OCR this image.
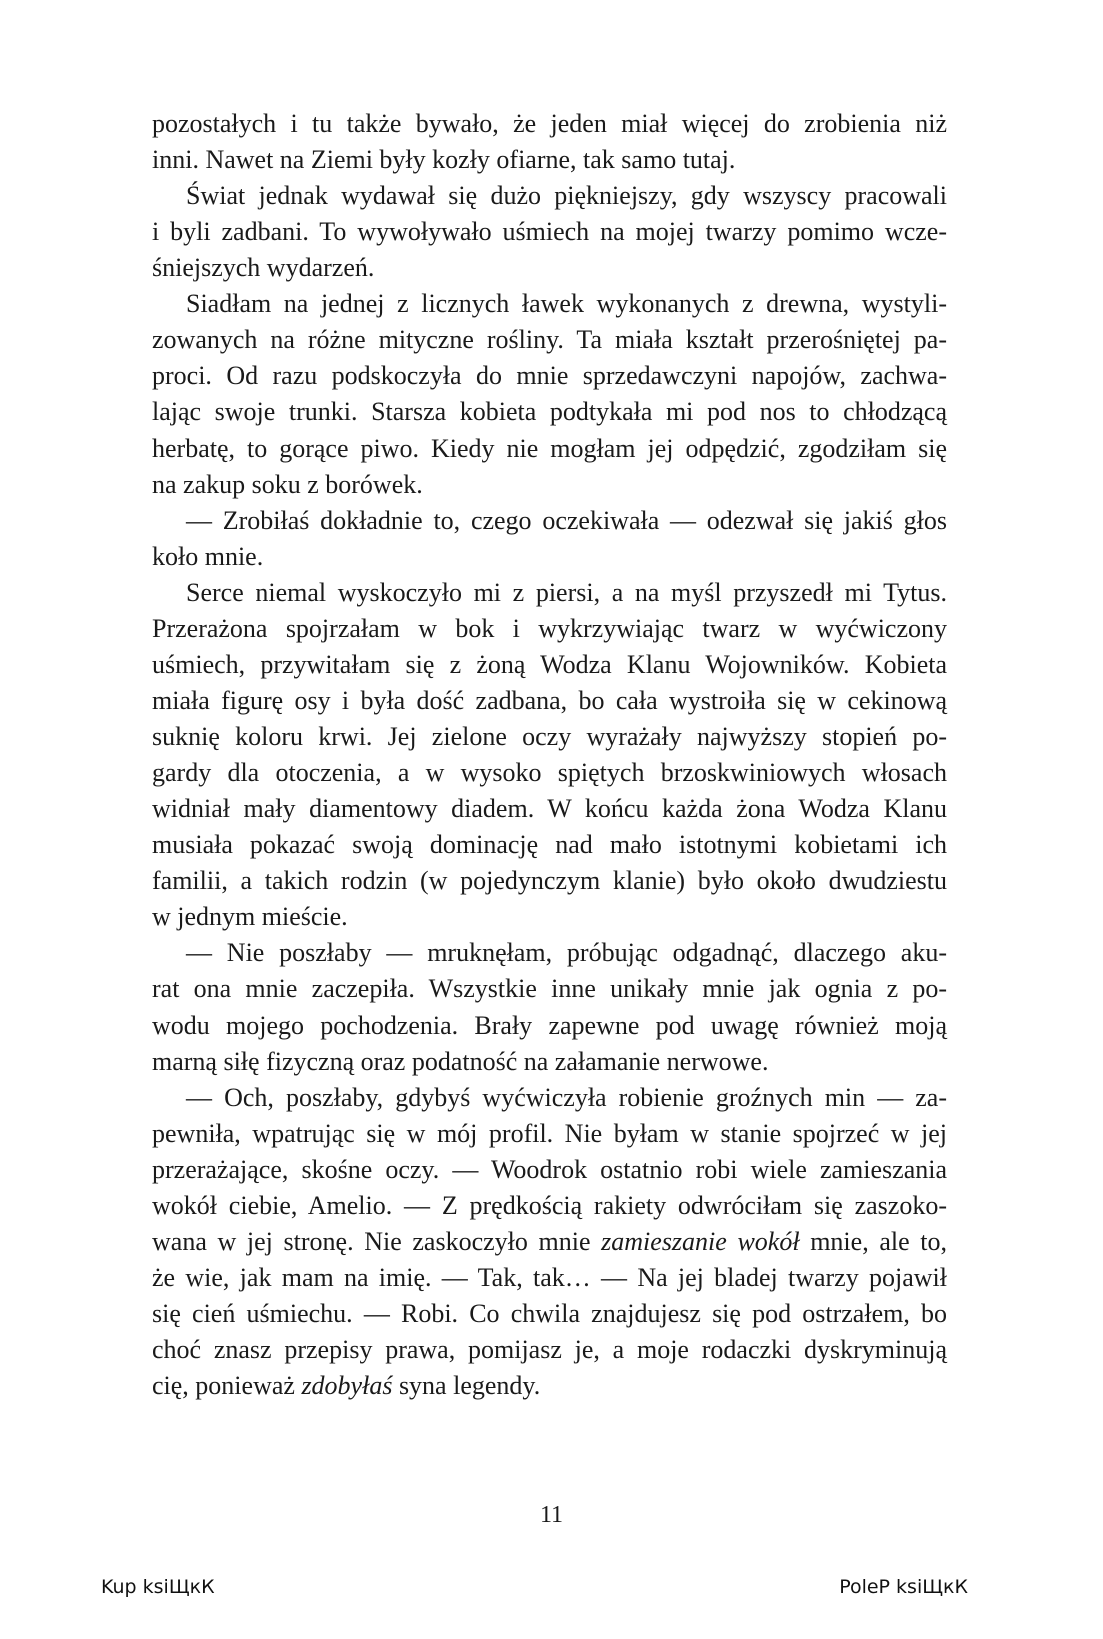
pozostałych i tu także bywało, że jeden miał więcej do zrobienia niż
inni. Nawet na Ziemi były kozły ofiarne, tak samo tutaj.
Świat jednak wydawał się dużo piękniejszy, gdy wszyscy pracowali
i byli zadbani. To wywoływało uśmiech na mojej twarzy pomimo wcze-
śniejszych wydarzeń.
Siadłam na jednej z licznych ławek wykonanych z drewna, wystyli-
zowanych na różne mityczne rośliny. Ta miała kształt przerośniętej pa-
proci. Od razu podskoczyła do mnie sprzedawczyni napojów, zachwa-
lając swoje trunki. Starsza kobieta podtykała mi pod nos to chłodzącą
herbatę, to gorące piwo. Kiedy nie mogłam jej odpędzić, zgodziłam się
na zakup soku z borówek.
— Zrobiłaś dokładnie to, czego oczekiwała — odezwał się jakiś głos
koło mnie.
Serce niemal wyskoczyło mi z piersi, a na myśl przyszedł mi Tytus.
Przerażona spojrzałam w bok i wykrzywiając twarz w wyćwiczony
uśmiech, przywitałam się z żoną Wodza Klanu Wojowników. Kobieta
miała figurę osy i była dość zadbana, bo cała wystroiła się w cekinową
suknię koloru krwi. Jej zielone oczy wyrażały najwyższy stopień po-
gardy dla otoczenia, a w wysoko spiętych brzoskwiniowych włosach
widniał mały diamentowy diadem. W końcu każda żona Wodza Klanu
musiała pokazać swoją dominację nad mało istotnymi kobietami ich
familii, a takich rodzin (w pojedynczym klanie) było około dwudziestu
w jednym mieście.
— Nie poszłaby — mruknęłam, próbując odgadnąć, dlaczego aku-
rat ona mnie zaczepiła. Wszystkie inne unikały mnie jak ognia z po-
wodu mojego pochodzenia. Brały zapewne pod uwagę również moją
marną siłę fizyczną oraz podatność na załamanie nerwowe.
— Och, poszłaby, gdybyś wyćwiczyła robienie groźnych min — za-
pewniła, wpatrując się w mój profil. Nie byłam w stanie spojrzeć w jej
przerażające, skośne oczy. — Woodrok ostatnio robi wiele zamieszania
wokół ciebie, Amelio. — Z prędkością rakiety odwróciłam się zaszoko-
wana w jej stronę. Nie zaskoczyło mnie zamieszanie wokół mnie, ale to,
że wie, jak mam na imię. — Tak, tak… — Na jej bladej twarzy pojawił
się cień uśmiechu. — Robi. Co chwila znajdujesz się pod ostrzałem, bo
choć znasz przepisy prawa, pomijasz je, a moje rodaczki dyskryminują
cię, ponieważ zdobyłaś syna legendy.
11
Kup ksiЩкК	PoleР ksiЩкК
